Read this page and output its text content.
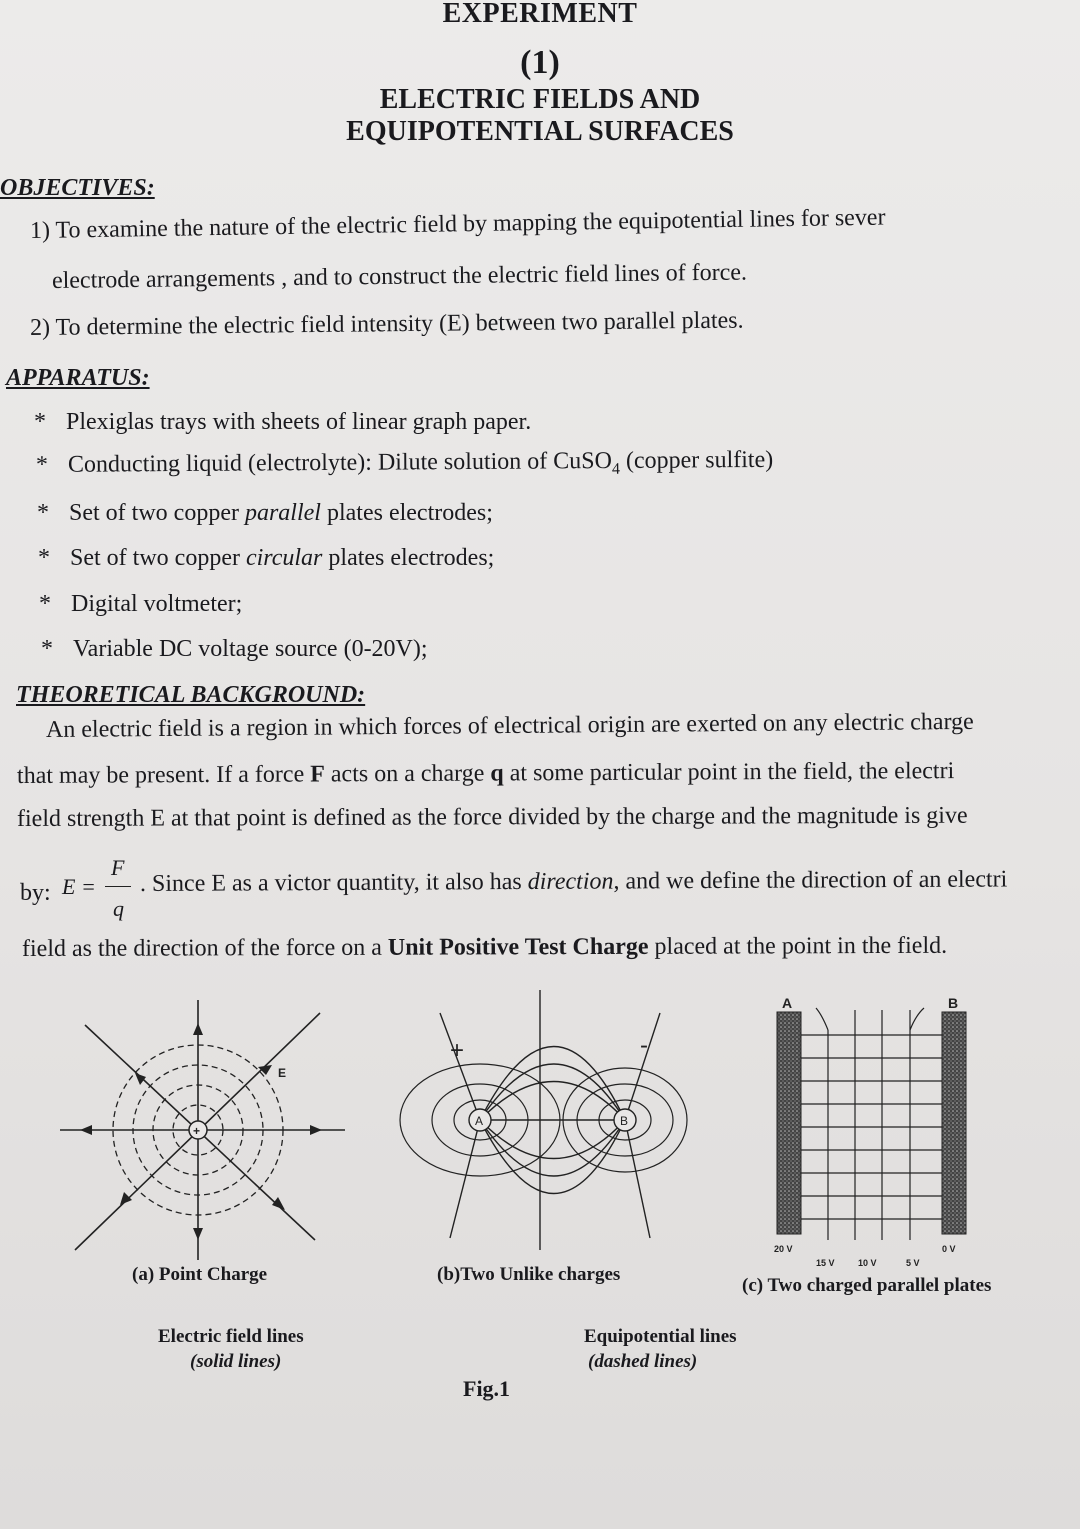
EXPERIMENT
(1)
ELECTRIC FIELDS AND
EQUIPOTENTIAL SURFACES
OBJECTIVES:
1) To examine the nature of the electric field by mapping the equipotential lines for sever
electrode arrangements , and to construct the electric field lines of force.
2) To determine the electric field intensity (E) between two parallel plates.
APPARATUS:
* Plexiglas trays with sheets of linear graph paper.
* Conducting liquid (electrolyte): Dilute solution of CuSO$_4$ (copper sulfite)
* Set of two copper parallel plates electrodes;
* Set of two copper circular plates electrodes;
* Digital voltmeter;
* Variable DC voltage source (0-20V);
THEORETICAL BACKGROUND:
An electric field is a region in which forces of electrical origin are exerted on any electric charge
that may be present. If a force F acts on a charge q at some particular point in the field, the electri
field strength E at that point is defined as the force divided by the charge and the magnitude is give
by: E =
F
q
. Since E as a victor quantity, it also has direction, and we define the direction of an electri
field as the direction of the force on a Unit Positive Test Charge placed at the point in the field.
+
E
(a) Point Charge
A	B
+	-
(b)Two Unlike charges
A	B
20 V
15 V	10 V	5 V
0 V
(c) Two charged parallel plates
Electric field lines
(solid lines)
Equipotential lines
(dashed lines)
Fig.1
